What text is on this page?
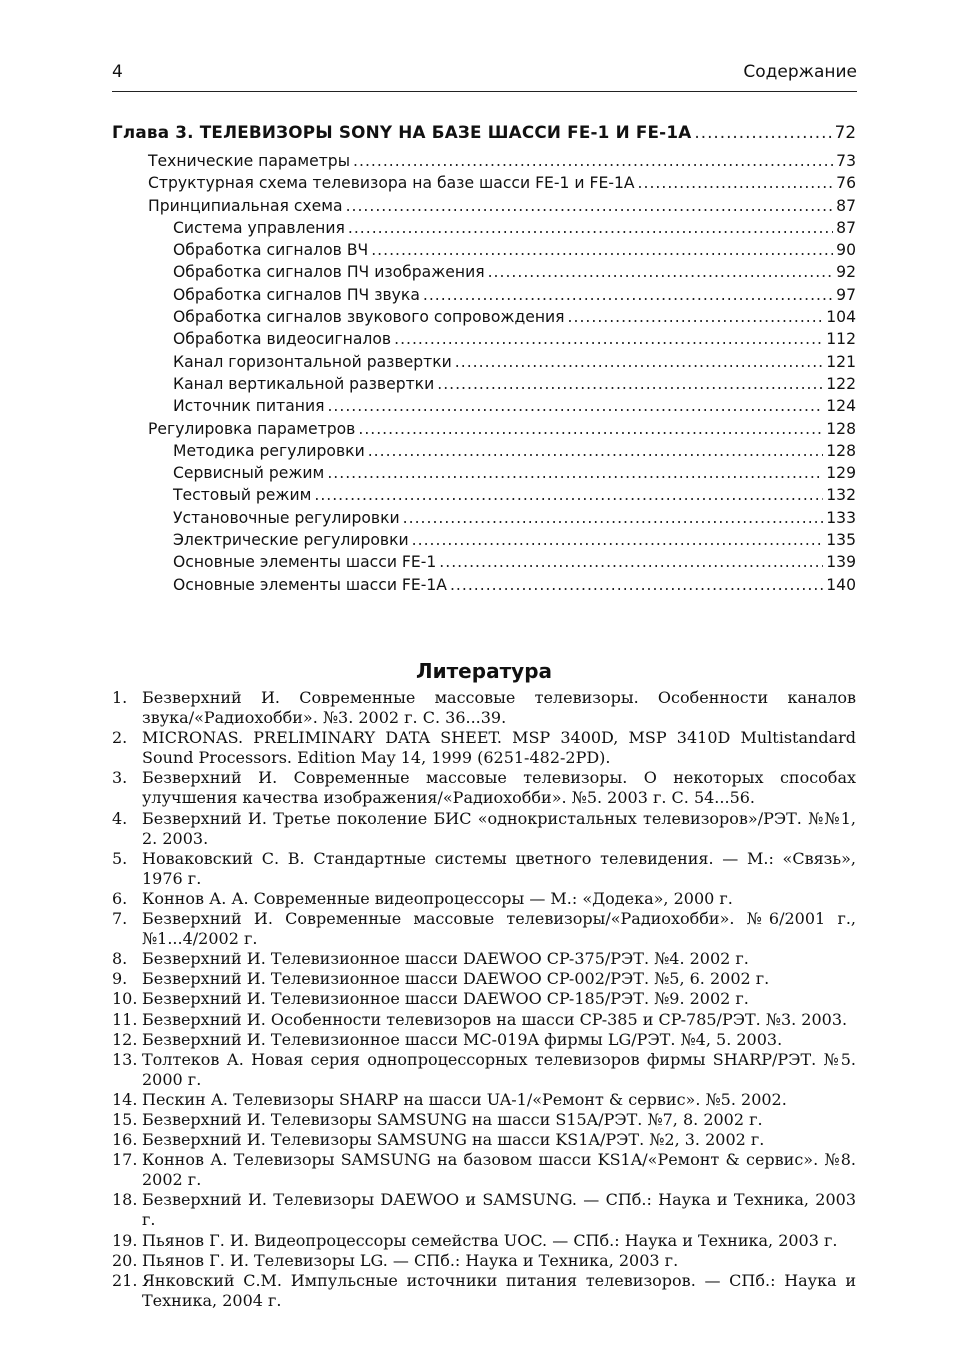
4	Содержание
Глава 3. ТЕЛЕВИЗОРЫ SONY НА БАЗЕ ШАССИ FE-1 И FE-1A .....	72
Технические параметры .....	73
Структурная схема телевизора на базе шасси FE-1 и FE-1A .....	76
Принципиальная схема .....	87
Система управления .....	87
Обработка сигналов ВЧ .....	90
Обработка сигналов ПЧ изображения .....	92
Обработка сигналов ПЧ звука .....	97
Обработка сигналов звукового сопровождения .....	104
Обработка видеосигналов .....	112
Канал горизонтальной развертки .....	121
Канал вертикальной развертки .....	122
Источник питания .....	124
Регулировка параметров .....	128
Методика регулировки .....	128
Сервисный режим .....	129
Тестовый режим .....	132
Установочные регулировки .....	133
Электрические регулировки .....	135
Основные элементы шасси FE-1 .....	139
Основные элементы шасси FE-1A .....	140
Литература
1. Безверхний И. Современные массовые телевизоры. Особенности каналов звука/«Радиохобби». №3. 2002 г. С. 36...39.
2. MICRONAS. PRELIMINARY DATA SHEET. MSP 3400D, MSP 3410D Multistandard Sound Processors. Edition May 14, 1999 (6251-482-2PD).
3. Безверхний И. Современные массовые телевизоры. О некоторых способах улучшения качества изображения/«Радиохобби». №5. 2003 г. С. 54...56.
4. Безверхний И. Третье поколение БИС «однокристальных телевизоров»/РЭТ. №№1, 2. 2003.
5. Новаковский С. В. Стандартные системы цветного телевидения. — М.: «Связь», 1976 г.
6. Коннов А. А. Современные видеопроцессоры — М.: «Додека», 2000 г.
7. Безверхний И. Современные массовые телевизоры/«Радиохобби». №6/2001 г., №1...4/2002 г.
8. Безверхний И. Телевизионное шасси DAEWOO CP-375/РЭТ. №4. 2002 г.
9. Безверхний И. Телевизионное шасси DAEWOO CP-002/РЭТ. №5, 6. 2002 г.
10. Безверхний И. Телевизионное шасси DAEWOO CP-185/РЭТ. №9. 2002 г.
11. Безверхний И. Особенности телевизоров на шасси CP-385 и CP-785/РЭТ. №3. 2003.
12. Безверхний И. Телевизионное шасси MC-019A фирмы LG/РЭТ. №4, 5. 2003.
13. Толтеков А. Новая серия однопроцессорных телевизоров фирмы SHARP/РЭТ. №5. 2000 г.
14. Пескин А. Телевизоры SHARP на шасси UA-1/«Ремонт & сервис». №5. 2002.
15. Безверхний И. Телевизоры SAMSUNG на шасси S15A/РЭТ. №7, 8. 2002 г.
16. Безверхний И. Телевизоры SAMSUNG на шасси KS1A/РЭТ. №2, 3. 2002 г.
17. Коннов А. Телевизоры SAMSUNG на базовом шасси KS1A/«Ремонт & сервис». №8. 2002 г.
18. Безверхний И. Телевизоры DAEWOO и SAMSUNG. — СПб.: Наука и Техника, 2003 г.
19. Пьянов Г. И. Видеопроцессоры семейства UOC. — СПб.: Наука и Техника, 2003 г.
20. Пьянов Г. И. Телевизоры LG. — СПб.: Наука и Техника, 2003 г.
21. Янковский С.М. Импульсные источники питания телевизоров. — СПб.: Наука и Техника, 2004 г.
